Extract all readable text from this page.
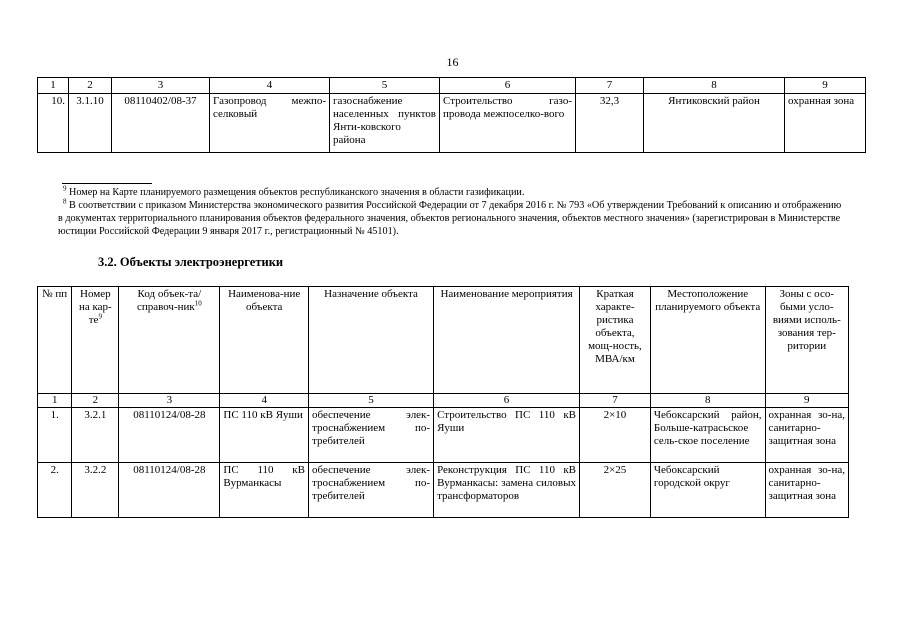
16
1	2	3	4	5	6	7	8	9
10.	3.1.10	08110402/08-37	Газопровод межпо-селковый	газоснабжение населенных пунктов Янти-ковского района	Строительство газо-провода межпоселко-вого	32,3	Янтиковский район	охранная зона

$^9$ Номер на Карте планируемого размещения объектов республиканского значения в области газификации.

$^8$ В соответствии с приказом Министерства экономического развития Российской Федерации от 7 декабря 2016 г. № 793 «Об утверждении Требований к описанию и отображению в документах территориального планирования объектов федерального значения, объектов регионального значения, объектов местного значения» (зарегистрирован в Министерстве юстиции Российской Федерации 9 января 2017 г., регистрационный № 45101).

3.2. Объекты электроэнергетики
№ пп	Номер на кар-$те^9$	Код объек-та/справоч-ник$^{10}$	Наименова-ние объекта	Назначение объекта	Наименование мероприятия	Краткая характе-ристика объекта, мощ-ность, МВА/км	Местоположение планируемого объекта	Зоны с осо-быми усло-виями исполь-зования тер-ритории
1	2	3	4	5	6	7	8	9
1.	3.2.1	08110124/08-28	ПС 110 кВ Яуши	обеспечение элек-троснабжением по-требителей	Строительство ПС 110 кВ Яуши	2×10	Чебоксарский район, Больше-катрасьское сель-ское поселение	охранная зо-на, санитарно-защитная зона
2.	3.2.2	08110124/08-28	ПС 110 кВ Вурманкасы	обеспечение элек-троснабжением по-требителей	Реконструкция ПС 110 кВ Вурманкасы: замена силовых трансформаторов	2×25	Чебоксарский городской округ	охранная зо-на, санитарно-защитная зона
